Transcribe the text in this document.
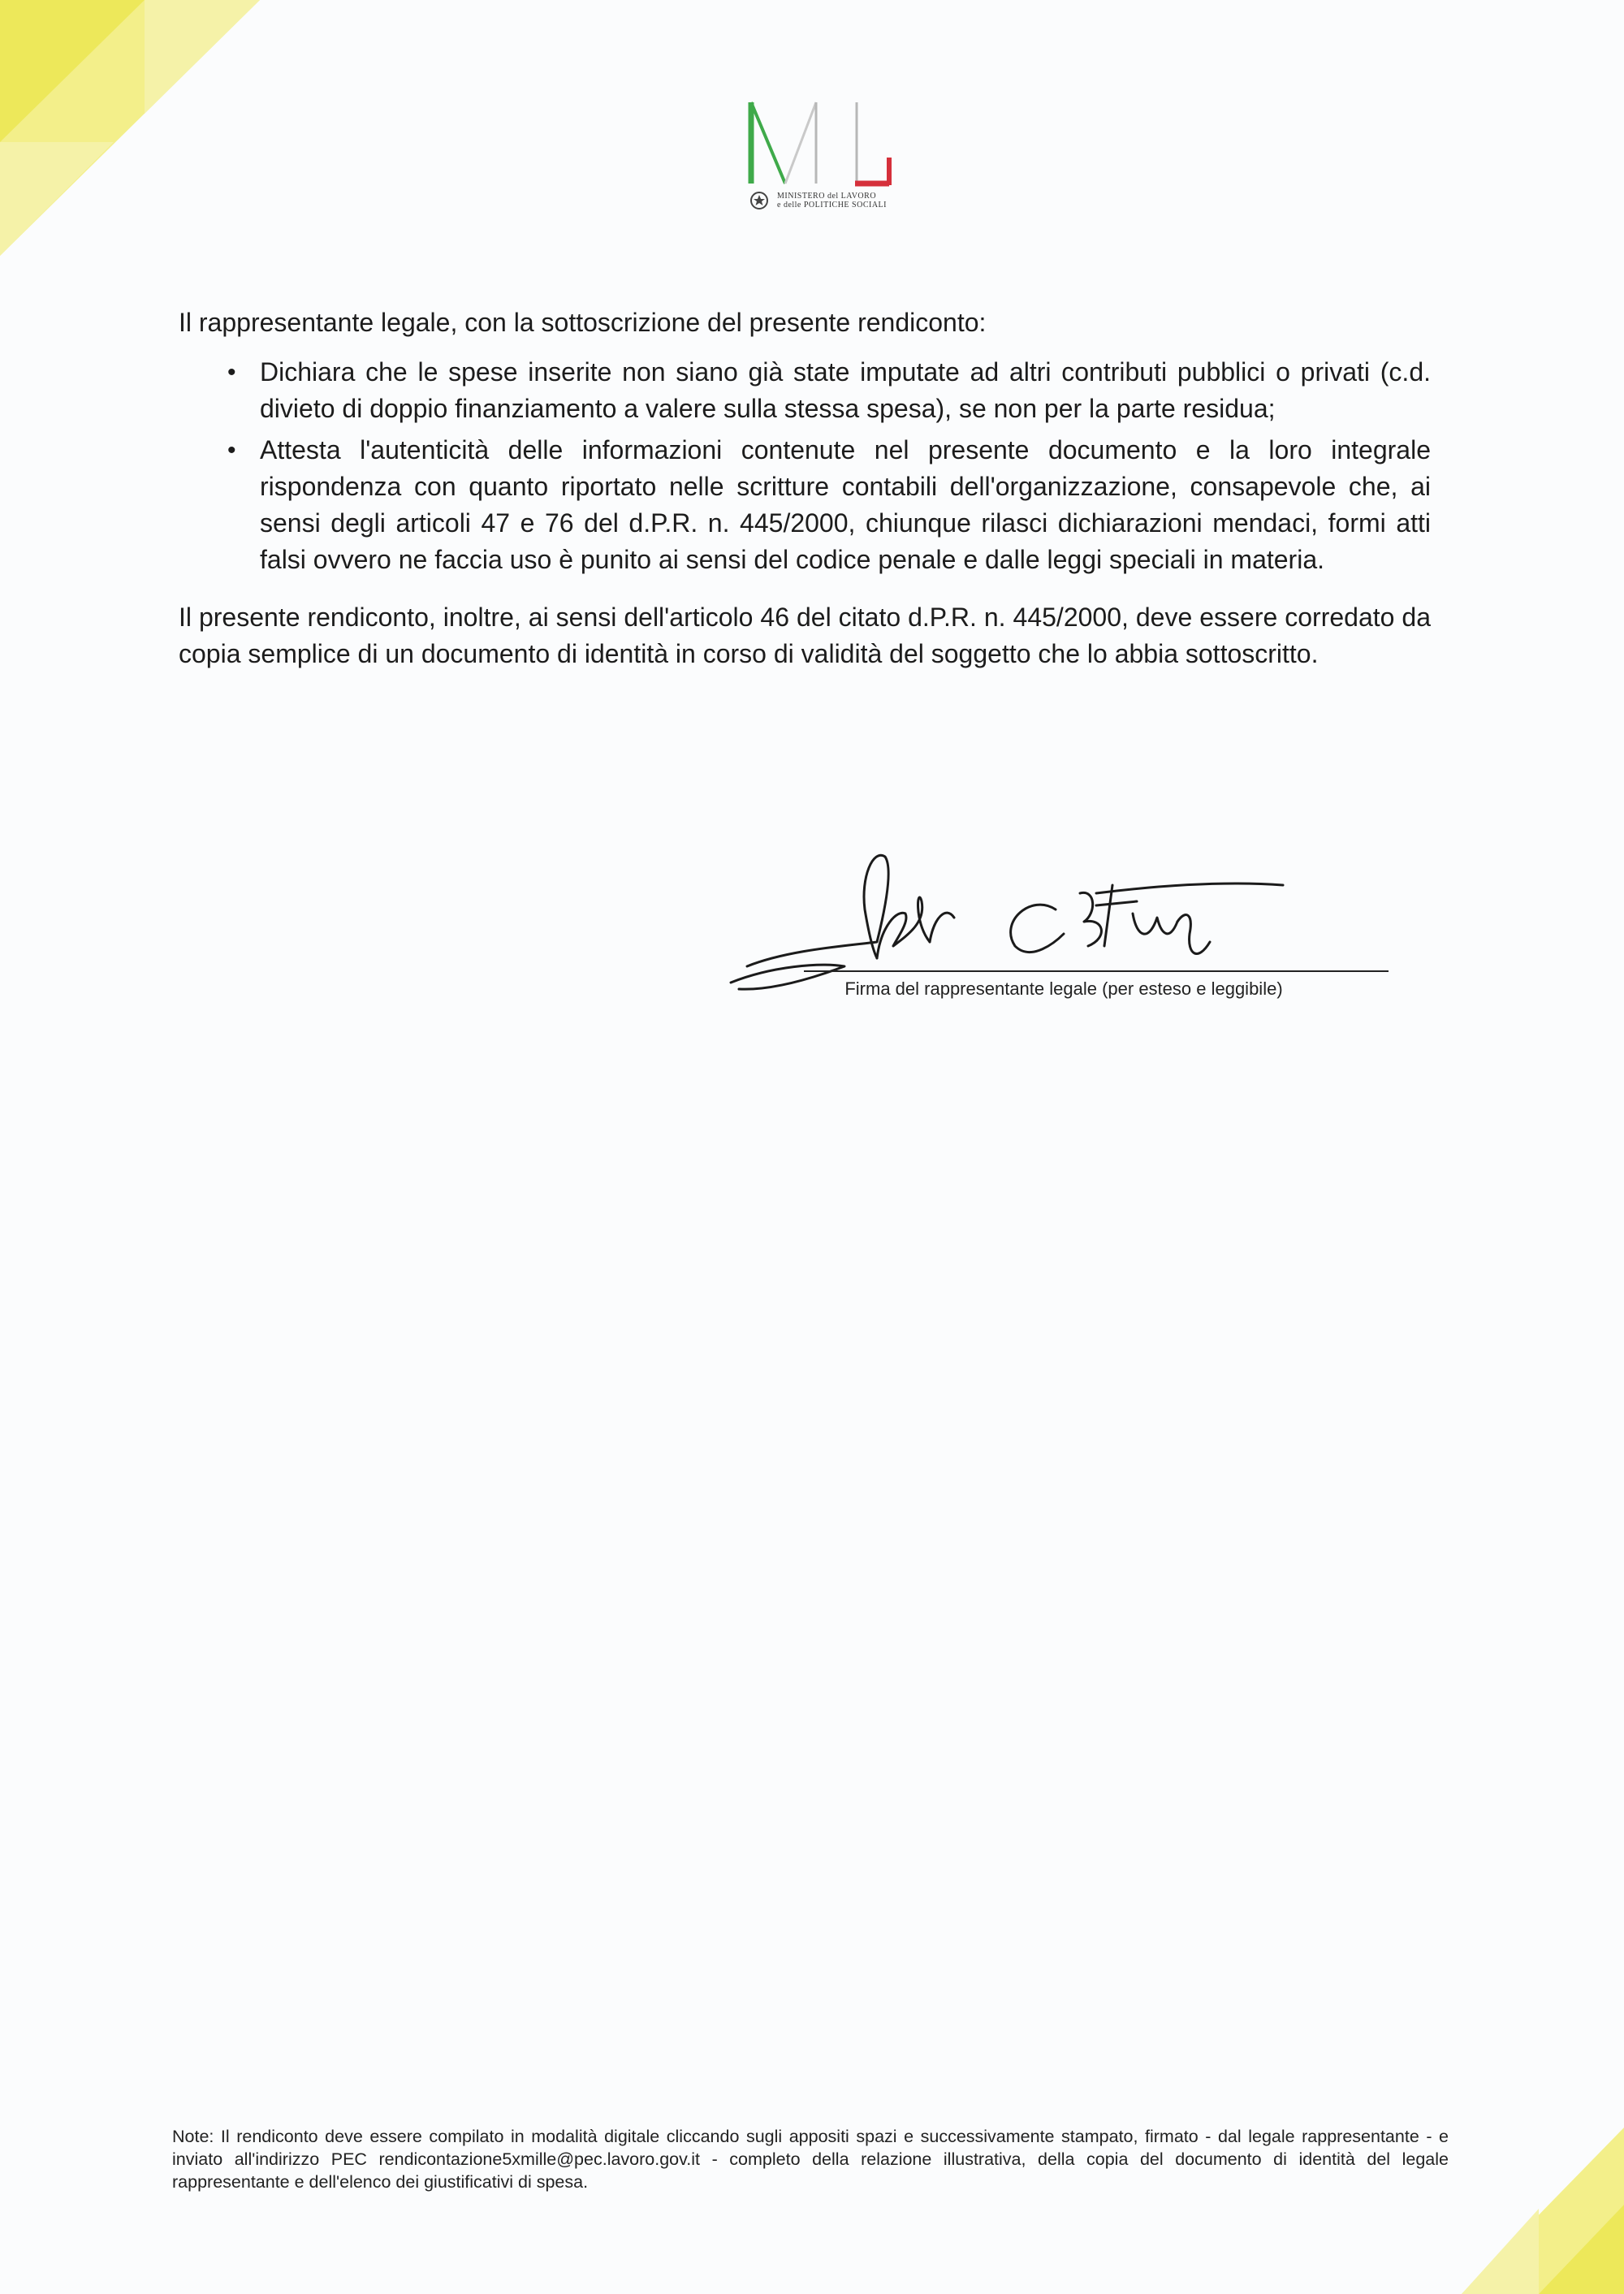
MINISTERO del LAVORO
e delle POLITICHE SOCIALI

Il rappresentante legale, con la sottoscrizione del presente rendiconto:

• Dichiara che le spese inserite non siano già state imputate ad altri contributi pubblici o privati (c.d. divieto di doppio finanziamento a valere sulla stessa spesa), se non per la parte residua;
• Attesta l'autenticità delle informazioni contenute nel presente documento e la loro integrale rispondenza con quanto riportato nelle scritture contabili dell'organizzazione, consapevole che, ai sensi degli articoli 47 e 76 del d.P.R. n. 445/2000, chiunque rilasci dichiarazioni mendaci, formi atti falsi ovvero ne faccia uso è punito ai sensi del codice penale e dalle leggi speciali in materia.

Il presente rendiconto, inoltre, ai sensi dell'articolo 46 del citato d.P.R. n. 445/2000, deve essere corredato da copia semplice di un documento di identità in corso di validità del soggetto che lo abbia sottoscritto.

Firma del rappresentante legale (per esteso e leggibile)
Note: Il rendiconto deve essere compilato in modalità digitale cliccando sugli appositi spazi e successivamente stampato, firmato - dal legale rappresentante - e inviato all'indirizzo PEC rendicontazione5xmille@pec.lavoro.gov.it - completo della relazione illustrativa, della copia del documento di identità del legale rappresentante e dell'elenco dei giustificativi di spesa.
